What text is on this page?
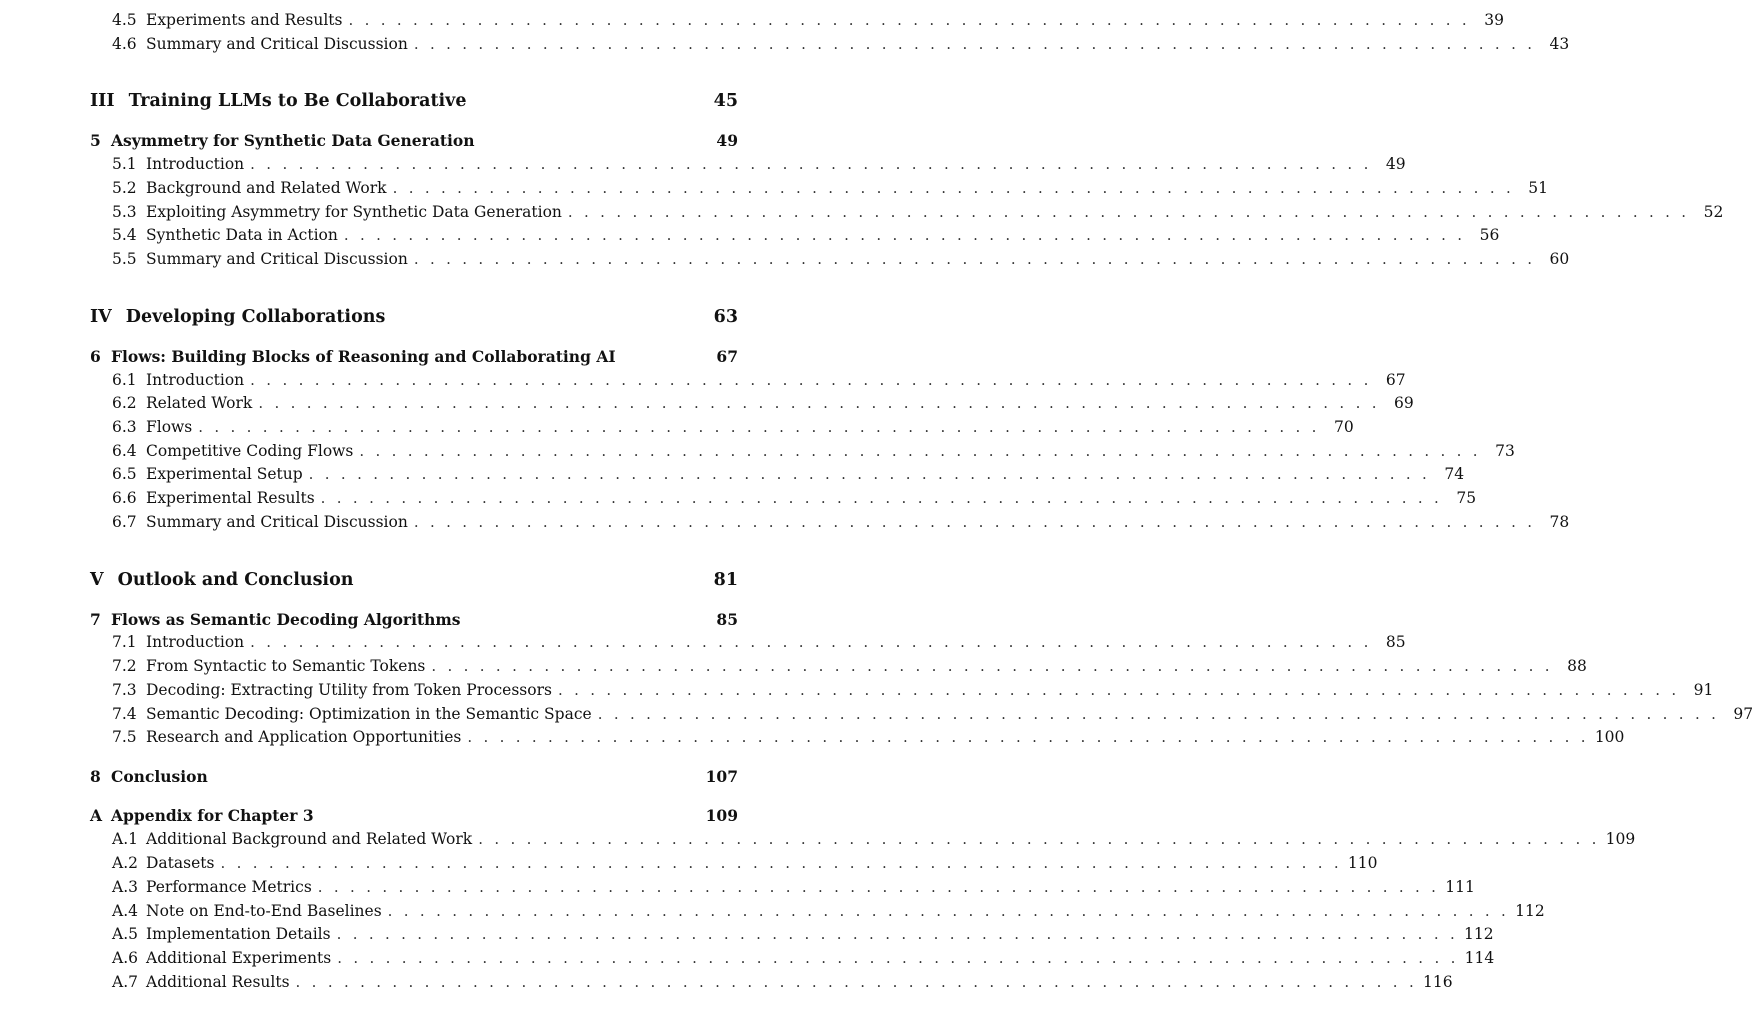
4.5 Experiments and Results . . . . . . . . . . . . . . . . . . . . . . . . . . . . . . . . . . . . . . . . . . . . . . . . . . . . . . . . . . . . . . . . . . . . . . 39
4.6 Summary and Critical Discussion . . . . . . . . . . . . . . . . . . . . . . . . . . . . . . . . . . . . . . . . . . . . . . . . . . . . . . . . . . . . . . . . . . . . . . 43
III Training LLMs to Be Collaborative	45
5 Asymmetry for Synthetic Data Generation	49
5.1 Introduction . . . . . . . . . . . . . . . . . . . . . . . . . . . . . . . . . . . . . . . . . . . . . . . . . . . . . . . . . . . . . . . . . . . . . . 49
5.2 Background and Related Work . . . . . . . . . . . . . . . . . . . . . . . . . . . . . . . . . . . . . . . . . . . . . . . . . . . . . . . . . . . . . . . . . . . . . . 51
5.3 Exploiting Asymmetry for Synthetic Data Generation . . . . . . . . . . . . . . . . . . . . . . . . . . . . . . . . . . . . . . . . . . . . . . . . . . . . . . . . . . . . . . . . . . . . . . 52
5.4 Synthetic Data in Action . . . . . . . . . . . . . . . . . . . . . . . . . . . . . . . . . . . . . . . . . . . . . . . . . . . . . . . . . . . . . . . . . . . . . . 56
5.5 Summary and Critical Discussion . . . . . . . . . . . . . . . . . . . . . . . . . . . . . . . . . . . . . . . . . . . . . . . . . . . . . . . . . . . . . . . . . . . . . . 60
IV Developing Collaborations	63
6 Flows: Building Blocks of Reasoning and Collaborating AI	67
6.1 Introduction . . . . . . . . . . . . . . . . . . . . . . . . . . . . . . . . . . . . . . . . . . . . . . . . . . . . . . . . . . . . . . . . . . . . . . 67
6.2 Related Work . . . . . . . . . . . . . . . . . . . . . . . . . . . . . . . . . . . . . . . . . . . . . . . . . . . . . . . . . . . . . . . . . . . . . . 69
6.3 Flows . . . . . . . . . . . . . . . . . . . . . . . . . . . . . . . . . . . . . . . . . . . . . . . . . . . . . . . . . . . . . . . . . . . . . . 70
6.4 Competitive Coding Flows . . . . . . . . . . . . . . . . . . . . . . . . . . . . . . . . . . . . . . . . . . . . . . . . . . . . . . . . . . . . . . . . . . . . . . 73
6.5 Experimental Setup . . . . . . . . . . . . . . . . . . . . . . . . . . . . . . . . . . . . . . . . . . . . . . . . . . . . . . . . . . . . . . . . . . . . . . 74
6.6 Experimental Results . . . . . . . . . . . . . . . . . . . . . . . . . . . . . . . . . . . . . . . . . . . . . . . . . . . . . . . . . . . . . . . . . . . . . . 75
6.7 Summary and Critical Discussion . . . . . . . . . . . . . . . . . . . . . . . . . . . . . . . . . . . . . . . . . . . . . . . . . . . . . . . . . . . . . . . . . . . . . . 78
V Outlook and Conclusion	81
7 Flows as Semantic Decoding Algorithms	85
7.1 Introduction . . . . . . . . . . . . . . . . . . . . . . . . . . . . . . . . . . . . . . . . . . . . . . . . . . . . . . . . . . . . . . . . . . . . . . 85
7.2 From Syntactic to Semantic Tokens . . . . . . . . . . . . . . . . . . . . . . . . . . . . . . . . . . . . . . . . . . . . . . . . . . . . . . . . . . . . . . . . . . . . . . 88
7.3 Decoding: Extracting Utility from Token Processors . . . . . . . . . . . . . . . . . . . . . . . . . . . . . . . . . . . . . . . . . . . . . . . . . . . . . . . . . . . . . . . . . . . . . . 91
7.4 Semantic Decoding: Optimization in the Semantic Space . . . . . . . . . . . . . . . . . . . . . . . . . . . . . . . . . . . . . . . . . . . . . . . . . . . . . . . . . . . . . . . . . . . . . . 97
7.5 Research and Application Opportunities . . . . . . . . . . . . . . . . . . . . . . . . . . . . . . . . . . . . . . . . . . . . . . . . . . . . . . . . . . . . . . . . . . . . . . 100
8 Conclusion	107
A Appendix for Chapter 3	109
A.1 Additional Background and Related Work . . . . . . . . . . . . . . . . . . . . . . . . . . . . . . . . . . . . . . . . . . . . . . . . . . . . . . . . . . . . . . . . . . . . . . 109
A.2 Datasets . . . . . . . . . . . . . . . . . . . . . . . . . . . . . . . . . . . . . . . . . . . . . . . . . . . . . . . . . . . . . . . . . . . . . . 110
A.3 Performance Metrics . . . . . . . . . . . . . . . . . . . . . . . . . . . . . . . . . . . . . . . . . . . . . . . . . . . . . . . . . . . . . . . . . . . . . . 111
A.4 Note on End-to-End Baselines . . . . . . . . . . . . . . . . . . . . . . . . . . . . . . . . . . . . . . . . . . . . . . . . . . . . . . . . . . . . . . . . . . . . . . 112
A.5 Implementation Details . . . . . . . . . . . . . . . . . . . . . . . . . . . . . . . . . . . . . . . . . . . . . . . . . . . . . . . . . . . . . . . . . . . . . . 112
A.6 Additional Experiments . . . . . . . . . . . . . . . . . . . . . . . . . . . . . . . . . . . . . . . . . . . . . . . . . . . . . . . . . . . . . . . . . . . . . . 114
A.7 Additional Results . . . . . . . . . . . . . . . . . . . . . . . . . . . . . . . . . . . . . . . . . . . . . . . . . . . . . . . . . . . . . . . . . . . . . . 116
